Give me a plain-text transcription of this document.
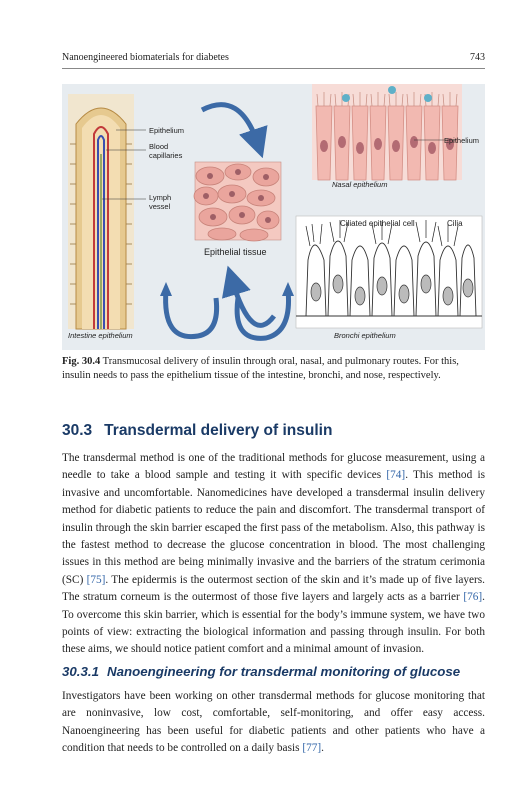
Nanoengineered biomaterials for diabetes	743
Epithelium
Blood
capillaries
Lymph
vessel
Epithelial tissue
Epithelium
Nasal epithelium
Ciliated epithelial cell	Cilia
Bronchi epithelium
Intestine epithelium
Fig. 30.4 Transmucosal delivery of insulin through oral, nasal, and pulmonary routes. For this, insulin needs to pass the epithelium tissue of the intestine, bronchi, and nose, respectively.
30.3 Transdermal delivery of insulin
The transdermal method is one of the traditional methods for glucose measurement, using a needle to take a blood sample and testing it with specific devices [74]. This method is invasive and uncomfortable. Nanomedicines have developed a transdermal insulin delivery method for diabetic patients to reduce the pain and discomfort. The transdermal transport of insulin through the skin barrier escaped the first pass of the metabolism. Also, this pathway is the fastest method to decrease the glucose concentration in blood. The most challenging issues in this method are being minimally invasive and the barriers of the stratum cerimonia (SC) [75]. The epidermis is the outermost section of the skin and it’s made up of five layers. The stratum corneum is the outermost of those five layers and largely acts as a barrier [76]. To overcome this skin barrier, which is essential for the body’s immune system, we have two points of view: extracting the biological information and passing through insulin. For both these aims, we should notice patient comfort and a minimal amount of invasion.
30.3.1 Nanoengineering for transdermal monitoring of glucose
Investigators have been working on other transdermal methods for glucose monitoring that are noninvasive, low cost, comfortable, self-monitoring, and offer easy access. Nanoengineering has been useful for diabetic patients and other patients who have a condition that needs to be controlled on a daily basis [77].
